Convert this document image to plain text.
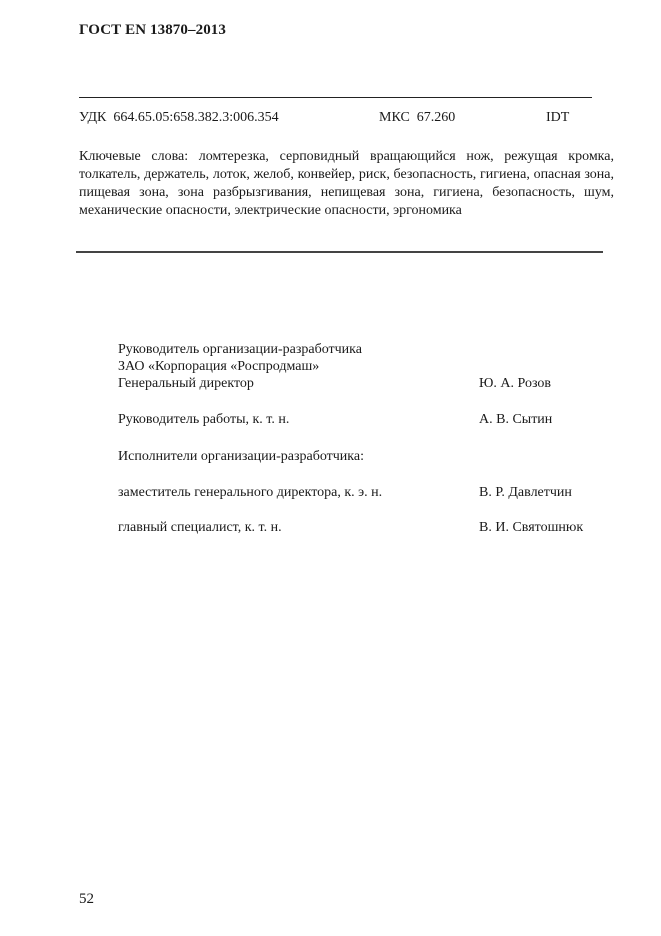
ГОСТ EN 13870–2013
УДК  664.65.05:658.382.3:006.354	МКС  67.260	IDT
Ключевые слова: ломтерезка, серповидный вращающийся нож, режущая кромка, толкатель, держатель, лоток, желоб, конвейер, риск, безопасность, гигиена, опасная зона, пищевая зона, зона разбрызгивания, непищевая зона, гигиена, безопасность, шум, механические опасности, электрические опасности, эргономика
Руководитель организации-разработчика
ЗАО «Корпорация «Роспродмаш»
Генеральный директор	Ю. А. Розов
Руководитель работы, к. т. н.	А. В. Сытин
Исполнители организации-разработчика:
заместитель генерального директора, к. э. н.	В. Р. Давлетчин
главный специалист, к. т. н.	В. И. Святошнюк
52
